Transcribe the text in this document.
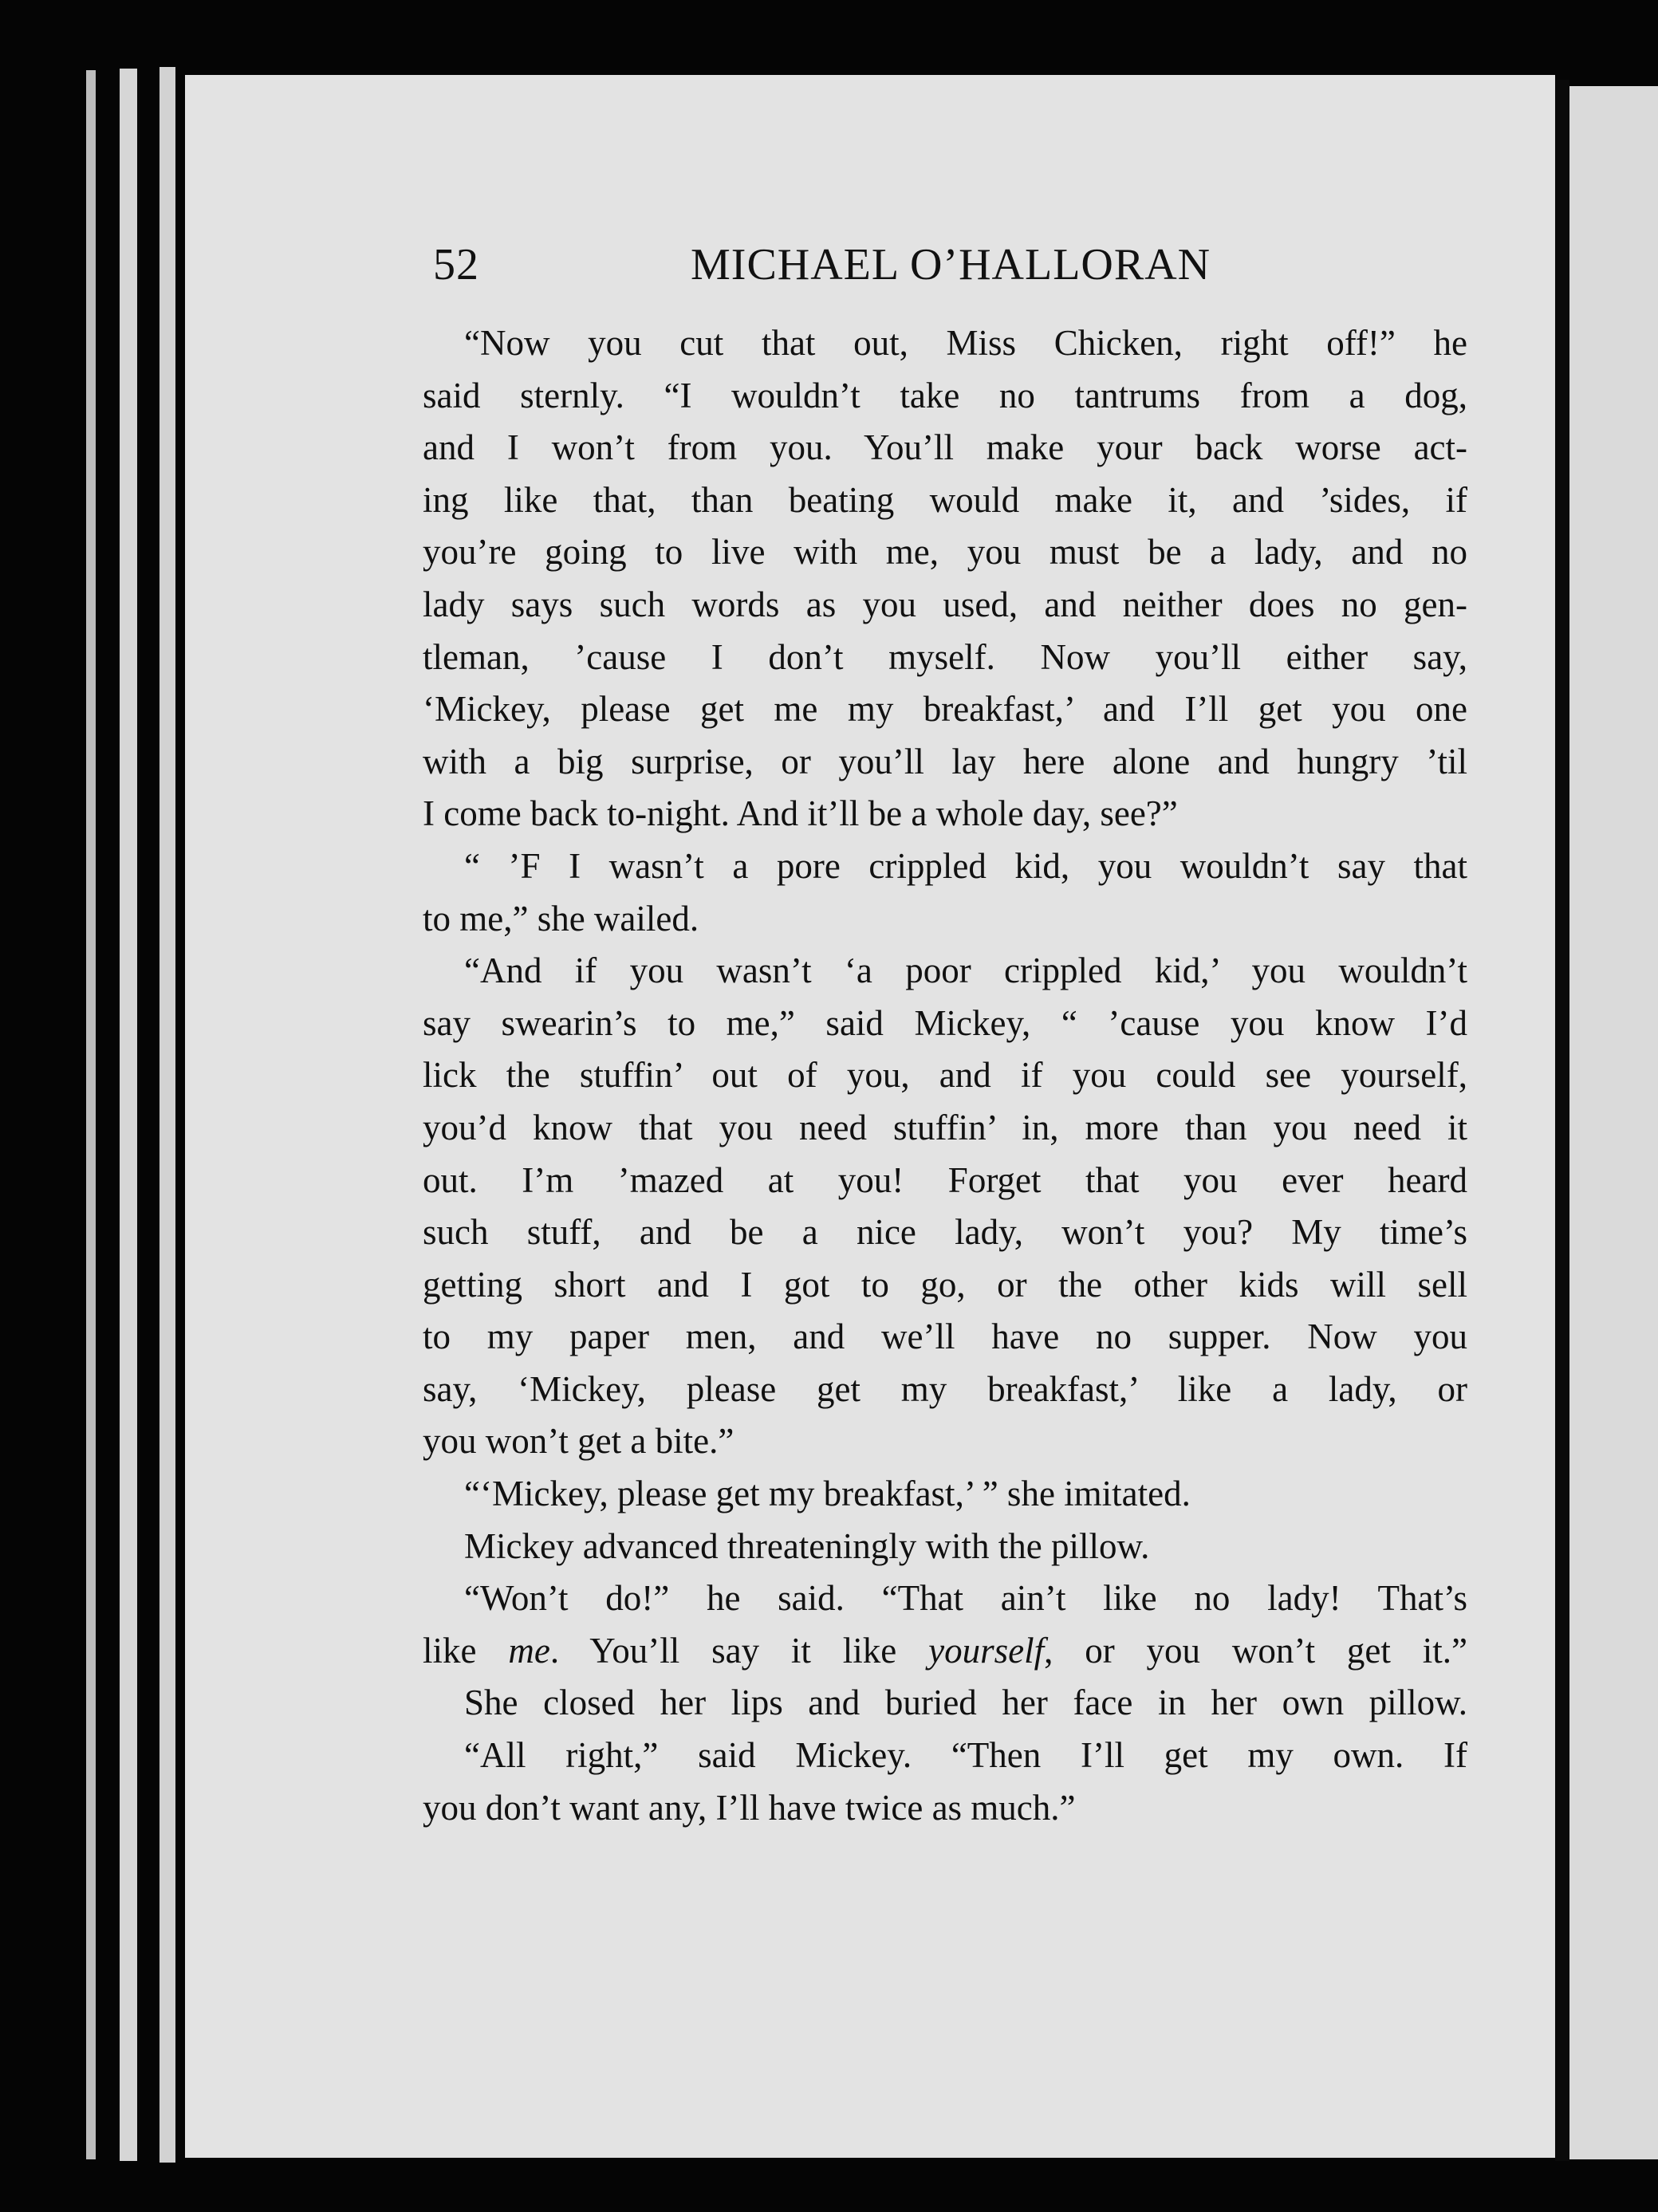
52	MICHAEL O’HALLORAN
“Now you cut that out, Miss Chicken, right off!” he
said sternly. “I wouldn’t take no tantrums from a dog,
and I won’t from you. You’ll make your back worse act-
ing like that, than beating would make it, and ’sides, if
you’re going to live with me, you must be a lady, and no
lady says such words as you used, and neither does no gen-
tleman, ’cause I don’t myself. Now you’ll either say,
‘Mickey, please get me my breakfast,’ and I’ll get you one
with a big surprise, or you’ll lay here alone and hungry ’til
I come back to-night. And it’ll be a whole day, see?”
“ ’F I wasn’t a pore crippled kid, you wouldn’t say that
to me,” she wailed.
“And if you wasn’t ‘a poor crippled kid,’ you wouldn’t
say swearin’s to me,” said Mickey, “ ’cause you know I’d
lick the stuffin’ out of you, and if you could see yourself,
you’d know that you need stuffin’ in, more than you need it
out. I’m ’mazed at you! Forget that you ever heard
such stuff, and be a nice lady, won’t you? My time’s
getting short and I got to go, or the other kids will sell
to my paper men, and we’ll have no supper. Now you
say, ‘Mickey, please get my breakfast,’ like a lady, or
you won’t get a bite.”
“‘Mickey, please get my breakfast,’ ” she imitated.
Mickey advanced threateningly with the pillow.
“Won’t do!” he said. “That ain’t like no lady! That’s
like me. You’ll say it like yourself, or you won’t get it.”
She closed her lips and buried her face in her own pillow.
“All right,” said Mickey. “Then I’ll get my own. If
you don’t want any, I’ll have twice as much.”
